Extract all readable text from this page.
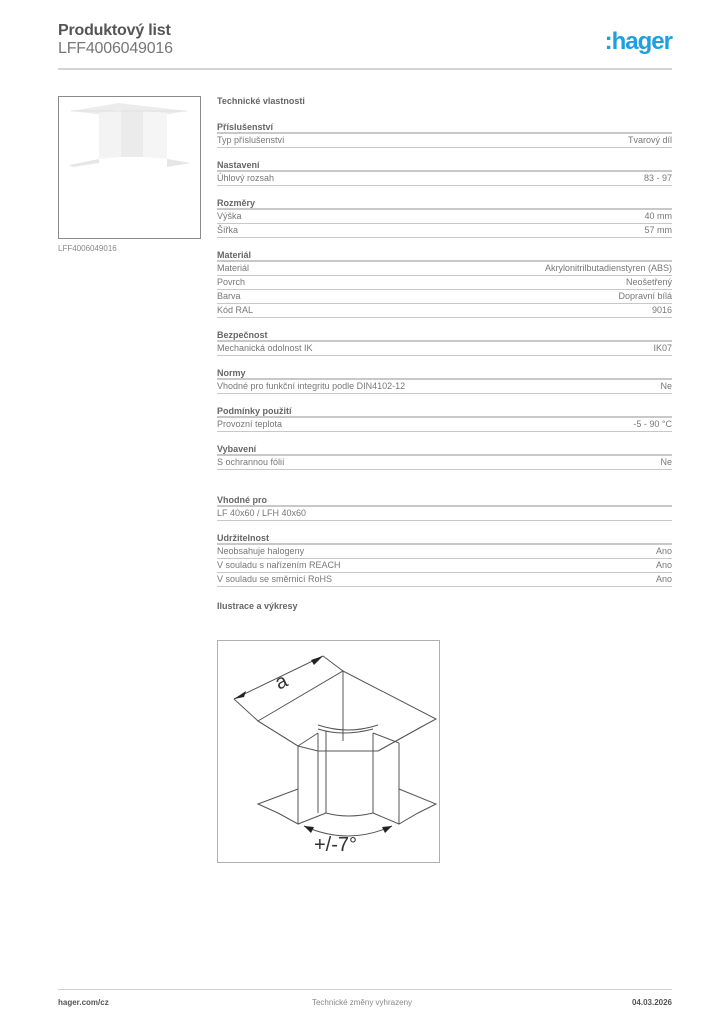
Produktový list
LFF4006049016	:hager
LFF4006049016
Technické vlastnosti
Příslušenství
Typ příslušenství	Tvarový díl
Nastavení
Úhlový rozsah	83 - 97
Rozměry
Výška	40 mm
Šířka	57 mm
Materiál
Materiál	Akrylonitrilbutadienstyren (ABS)
Povrch	Neošetřený
Barva	Dopravní bílá
Kód RAL	9016
Bezpečnost
Mechanická odolnost IK	IK07
Normy
Vhodné pro funkční integritu podle DIN4102-12	Ne
Podmínky použití
Provozní teplota	-5 - 90 °C
Vybavení
S ochrannou fólií	Ne
Vhodné pro
LF 40x60 / LFH 40x60
Udržitelnost
Neobsahuje halogeny	Ano
V souladu s nařízením REACH	Ano
V souladu se směrnicí RoHS	Ano
Ilustrace a výkresy
a
+/-7°
hager.com/cz	Technické změny vyhrazeny	04.03.2026
